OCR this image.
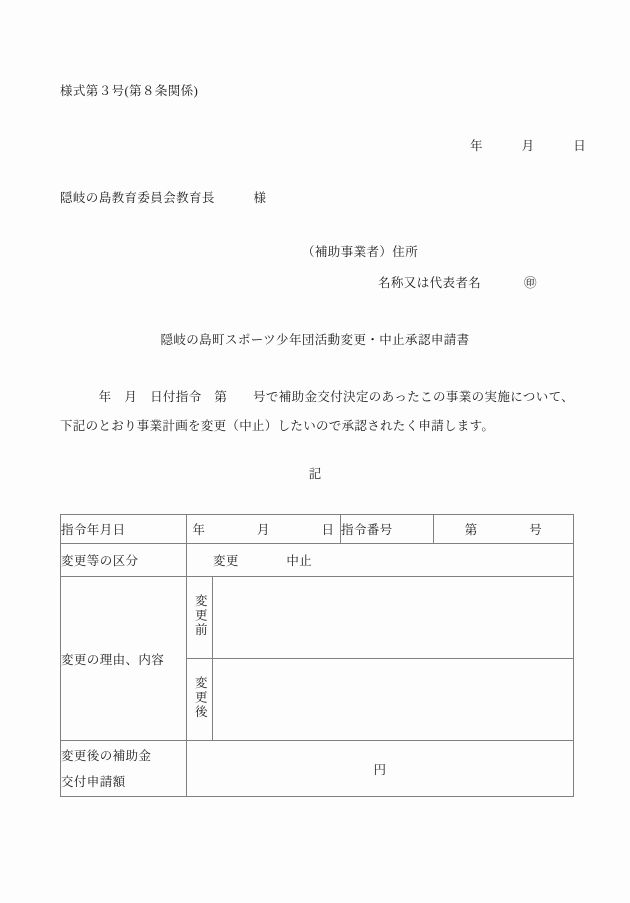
様式第３号(第８条関係)
年　　　月　　　日
隠岐の島教育委員会教育長　　　様
（補助事業者）住所
名称又は代表者名	㊞
隠岐の島町スポーツ少年団活動変更・中止承認申請書
　　　年　月　日付指令　第　　号で補助金交付決定のあったこの事業の実施について、下記のとおり事業計画を変更（中止）したいので承認されたく申請します。
記
指令年月日	年　　　　月　　　　日		指令番号	第　　　　号
変更等の区分	変更 中止			
変更の理由、内容	変更前			
	変更後			

変更後の補助金
交付申請額	円			
